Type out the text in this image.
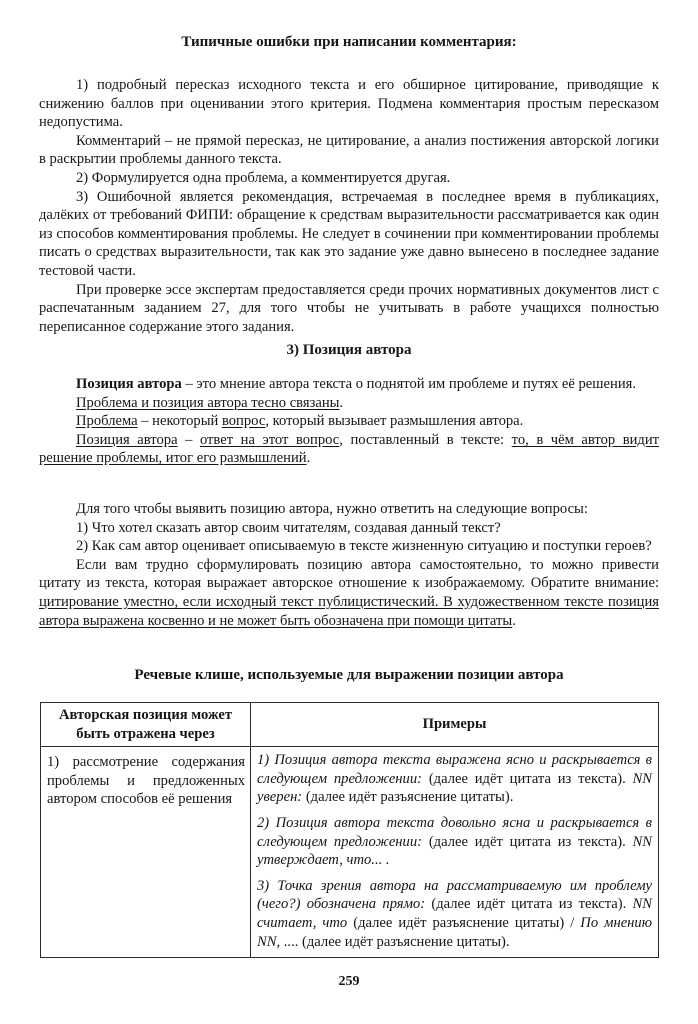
Типичные ошибки при написании комментария:

1) подробный пересказ исходного текста и его обширное цитирование, приводящие к снижению баллов при оценивании этого критерия. Подмена комментария простым пересказом недопустима.

Комментарий – не прямой пересказ, не цитирование, а анализ постижения авторской логики в раскрытии проблемы данного текста.

2) Формулируется одна проблема, а комментируется другая.

3) Ошибочной является рекомендация, встречаемая в последнее время в публикациях, далёких от требований ФИПИ: обращение к средствам выразительности рассматривается как один из способов комментирования проблемы. Не следует в сочинении при комментировании проблемы писать о средствах выразительности, так как это задание уже давно вынесено в последнее задание тестовой части.

При проверке эссе экспертам предоставляется среди прочих нормативных документов лист с распечатанным заданием 27, для того чтобы не учитывать в работе учащихся полностью переписанное содержание этого задания.

3) Позиция автора

Позиция автора – это мнение автора текста о поднятой им проблеме и путях её решения.

Проблема и позиция автора тесно связаны.

Проблема – некоторый вопрос, который вызывает размышления автора.

Позиция автора – ответ на этот вопрос, поставленный в тексте: то, в чём автор видит решение проблемы, итог его размышлений.

Для того чтобы выявить позицию автора, нужно ответить на следующие вопросы:

1) Что хотел сказать автор своим читателям, создавая данный текст?

2) Как сам автор оценивает описываемую в тексте жизненную ситуацию и поступки героев?

Если вам трудно сформулировать позицию автора самостоятельно, то можно привести цитату из текста, которая выражает авторское отношение к изображаемому. Обратите внимание: цитирование уместно, если исходный текст публицистический. В художественном тексте позиция автора выражена косвенно и не может быть обозначена при помощи цитаты.

Речевые клише, используемые для выражении позиции автора
Авторская позиция может быть отражена через	Примеры
1) рассмотрение содержания проблемы и предложенных автором способов её решения	1) Позиция автора текста выражена ясно и раскрывается в следующем предложении: (далее идёт цитата из текста). NN уверен: (далее идёт разъяснение цитаты).

2) Позиция автора текста довольно ясна и раскрывается в следующем предложении: (далее идёт цитата из текста). NN утверждает, что... .

3) Точка зрения автора на рассматриваемую им проблему (чего?) обозначена прямо: (далее идёт цитата из текста). NN считает, что (далее идёт разъяснение цитаты) / По мнению NN, .... (далее идёт разъяснение цитаты).

259
